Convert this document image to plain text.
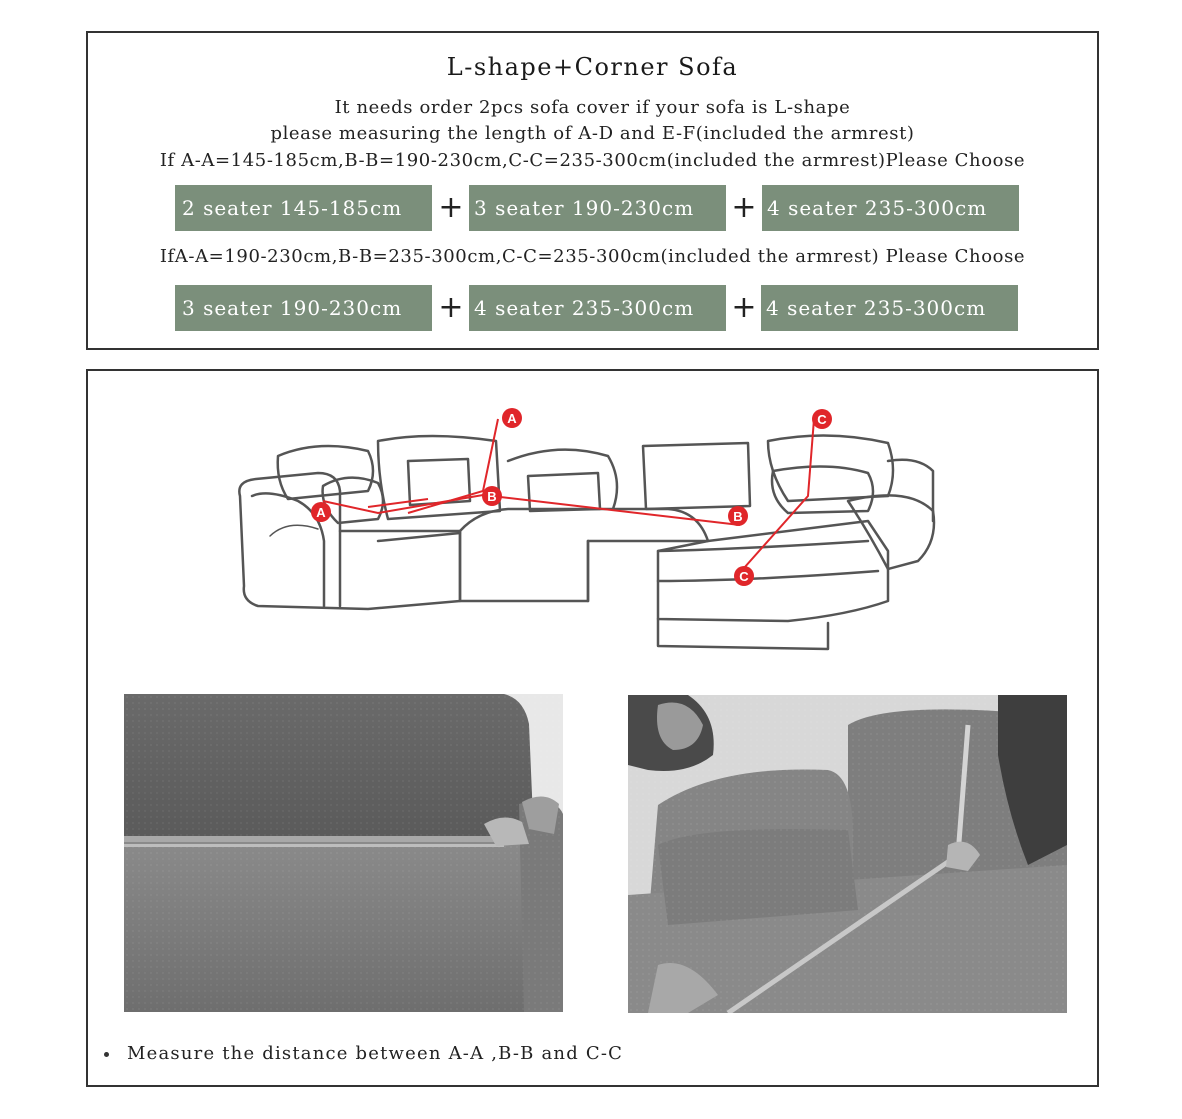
L-shape+Corner Sofa
It needs order 2pcs sofa cover if your sofa is L-shape
please measuring the length of A-D and E-F(included the armrest)
If A-A=145-185cm,B-B=190-230cm,C-C=235-300cm(included the armrest)Please Choose
2 seater 145-185cm	+ 3 seater 190-230cm	+ 4 seater 235-300cm
IfA-A=190-230cm,B-B=235-300cm,C-C=235-300cm(included the armrest) Please Choose
3 seater 190-230cm	+ 4 seater 235-300cm	+ 4 seater 235-300cm
A
A
B
B
C
C
Measure the distance between A-A ,B-B and C-C
